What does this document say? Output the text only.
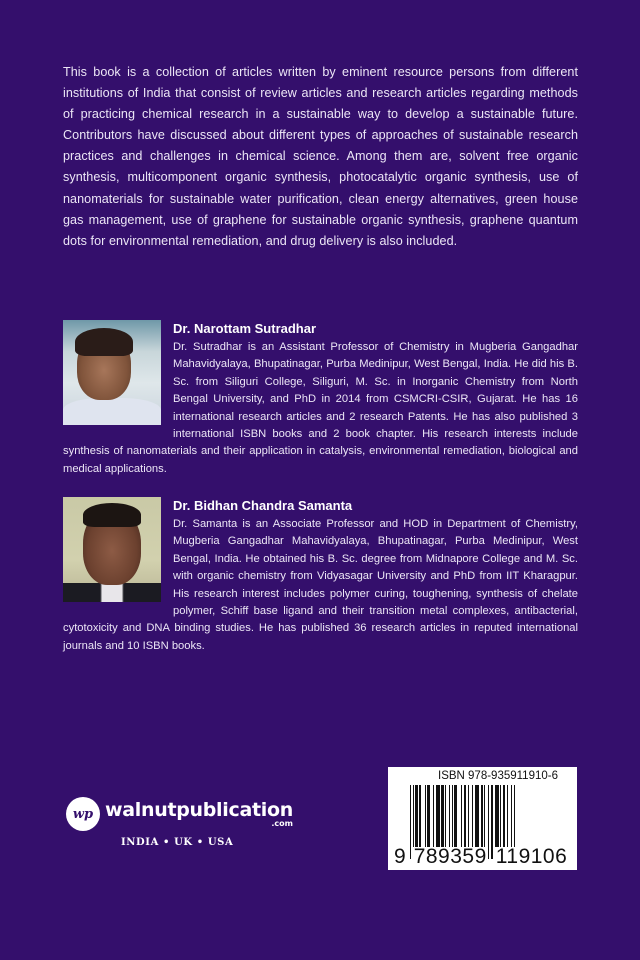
This book is a collection of articles written by eminent resource persons from different institutions of India that consist of review articles and research articles regarding methods of practicing chemical research in a sustainable way to develop a sustainable future. Contributors have discussed about different types of approaches of sustainable research practices and challenges in chemical science. Among them are, solvent free organic synthesis, multicomponent organic synthesis, photocatalytic organic synthesis, use of nanomaterials for sustainable water purification, clean energy alternatives, green house gas management, use of graphene for sustainable organic synthesis, graphene quantum dots for environmental remediation, and drug delivery is also included.
Dr. Narottam Sutradhar
Dr. Sutradhar is an Assistant Professor of Chemistry in Mugberia Gangadhar Mahavidyalaya, Bhupatinagar, Purba Medinipur, West Bengal, India. He did his B. Sc. from Siliguri College, Siliguri, M. Sc. in Inorganic Chemistry from North Bengal University, and PhD in 2014 from CSMCRI-CSIR, Gujarat. He has 16 international research articles and 2 research Patents. He has also published 3 international ISBN books and 2 book chapter. His research interests include synthesis of nanomaterials and their application in catalysis, environmental remediation, biological and medical applications.
Dr. Bidhan Chandra Samanta
Dr. Samanta is an Associate Professor and HOD in Department of Chemistry, Mugberia Gangadhar Mahavidyalaya, Bhupatinagar, Purba Medinipur, West Bengal, India. He obtained his B. Sc. degree from Midnapore College and M. Sc. with organic chemistry from Vidyasagar University and PhD from IIT Kharagpur. His research interest includes polymer curing, toughening, synthesis of chelate polymer, Schiff base ligand and their transition metal complexes, antibacterial, cytotoxicity and DNA binding studies. He has published 36 research articles in reputed international journals and 10 ISBN books.
wp walnutpublication
.com
INDIA • UK • USA
ISBN 978-935911910-6
9 789359 119106
